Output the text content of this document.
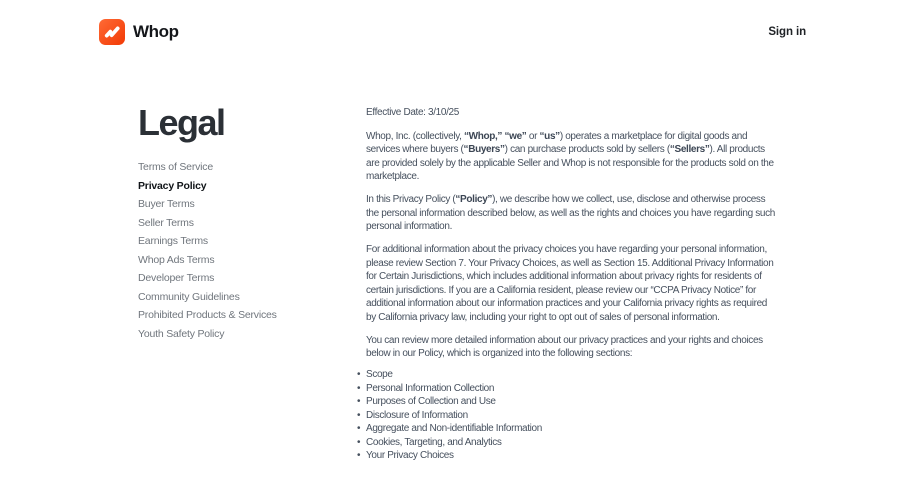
Whop	Sign in
Legal
Terms of Service
Privacy Policy
Buyer Terms
Seller Terms
Earnings Terms
Whop Ads Terms
Developer Terms
Community Guidelines
Prohibited Products & Services
Youth Safety Policy

Effective Date: 3/10/25

Whop, Inc. (collectively, “Whop,” “we” or “us”) operates a marketplace for digital goods and services where buyers (“Buyers”) can purchase products sold by sellers (“Sellers”). All products are provided solely by the applicable Seller and Whop is not responsible for the products sold on the marketplace.

In this Privacy Policy (“Policy”), we describe how we collect, use, disclose and otherwise process the personal information described below, as well as the rights and choices you have regarding such personal information.

For additional information about the privacy choices you have regarding your personal information, please review Section 7. Your Privacy Choices, as well as Section 15. Additional Privacy Information for Certain Jurisdictions, which includes additional information about privacy rights for residents of certain jurisdictions. If you are a California resident, please review our “CCPA Privacy Notice” for additional information about our information practices and your California privacy rights as required by California privacy law, including your right to opt out of sales of personal information.

You can review more detailed information about our privacy practices and your rights and choices below in our Policy, which is organized into the following sections:

• Scope
• Personal Information Collection
• Purposes of Collection and Use
• Disclosure of Information
• Aggregate and Non-identifiable Information
• Cookies, Targeting, and Analytics
• Your Privacy Choices
